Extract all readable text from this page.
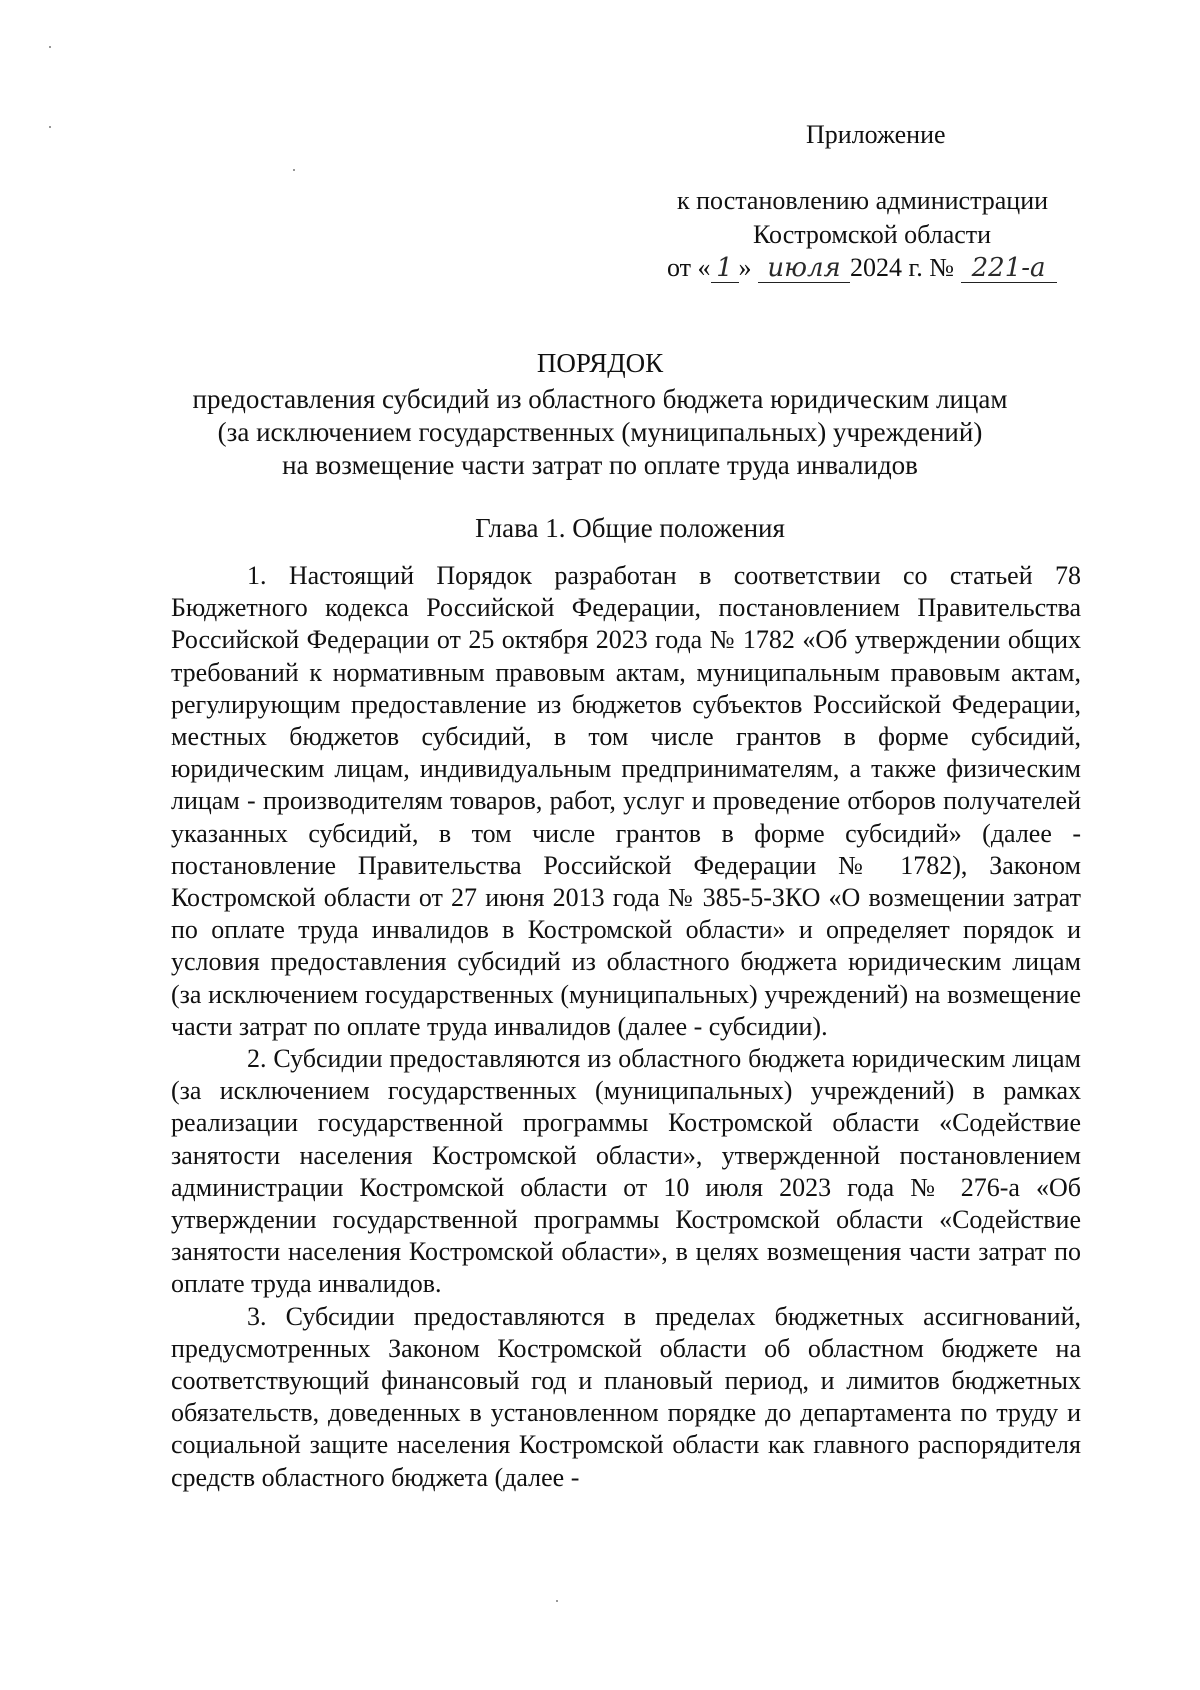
Приложение
к постановлению администрации
Костромской области
от « 1 » июля 2024 г. № 221-а
ПОРЯДОК
предоставления субсидий из областного бюджета юридическим лицам
(за исключением государственных (муниципальных) учреждений)
на возмещение части затрат по оплате труда инвалидов
Глава 1. Общие положения

1. Настоящий Порядок разработан в соответствии со статьей 78 Бюджетного кодекса Российской Федерации, постановлением Правительства Российской Федерации от 25 октября 2023 года № 1782 «Об утверждении общих требований к нормативным правовым актам, муниципальным правовым актам, регулирующим предоставление из бюджетов субъектов Российской Федерации, местных бюджетов субсидий, в том числе грантов в форме субсидий, юридическим лицам, индивидуальным предпринимателям, а также физическим лицам - производителям товаров, работ, услуг и проведение отборов получателей указанных субсидий, в том числе грантов в форме субсидий» (далее - постановление Правительства Российской Федерации № 1782), Законом Костромской области от 27 июня 2013 года № 385-5-ЗКО «О возмещении затрат по оплате труда инвалидов в Костромской области» и определяет порядок и условия предоставления субсидий из областного бюджета юридическим лицам (за исключением государственных (муниципальных) учреждений) на возмещение части затрат по оплате труда инвалидов (далее - субсидии).

2. Субсидии предоставляются из областного бюджета юридическим лицам (за исключением государственных (муниципальных) учреждений) в рамках реализации государственной программы Костромской области «Содействие занятости населения Костромской области», утвержденной постановлением администрации Костромской области от 10 июля 2023 года № 276-а «Об утверждении государственной программы Костромской области «Содействие занятости населения Костромской области», в целях возмещения части затрат по оплате труда инвалидов.

3. Субсидии предоставляются в пределах бюджетных ассигнований, предусмотренных Законом Костромской области об областном бюджете на соответствующий финансовый год и плановый период, и лимитов бюджетных обязательств, доведенных в установленном порядке до департамента по труду и социальной защите населения Костромской области как главного распорядителя средств областного бюджета (далее -
